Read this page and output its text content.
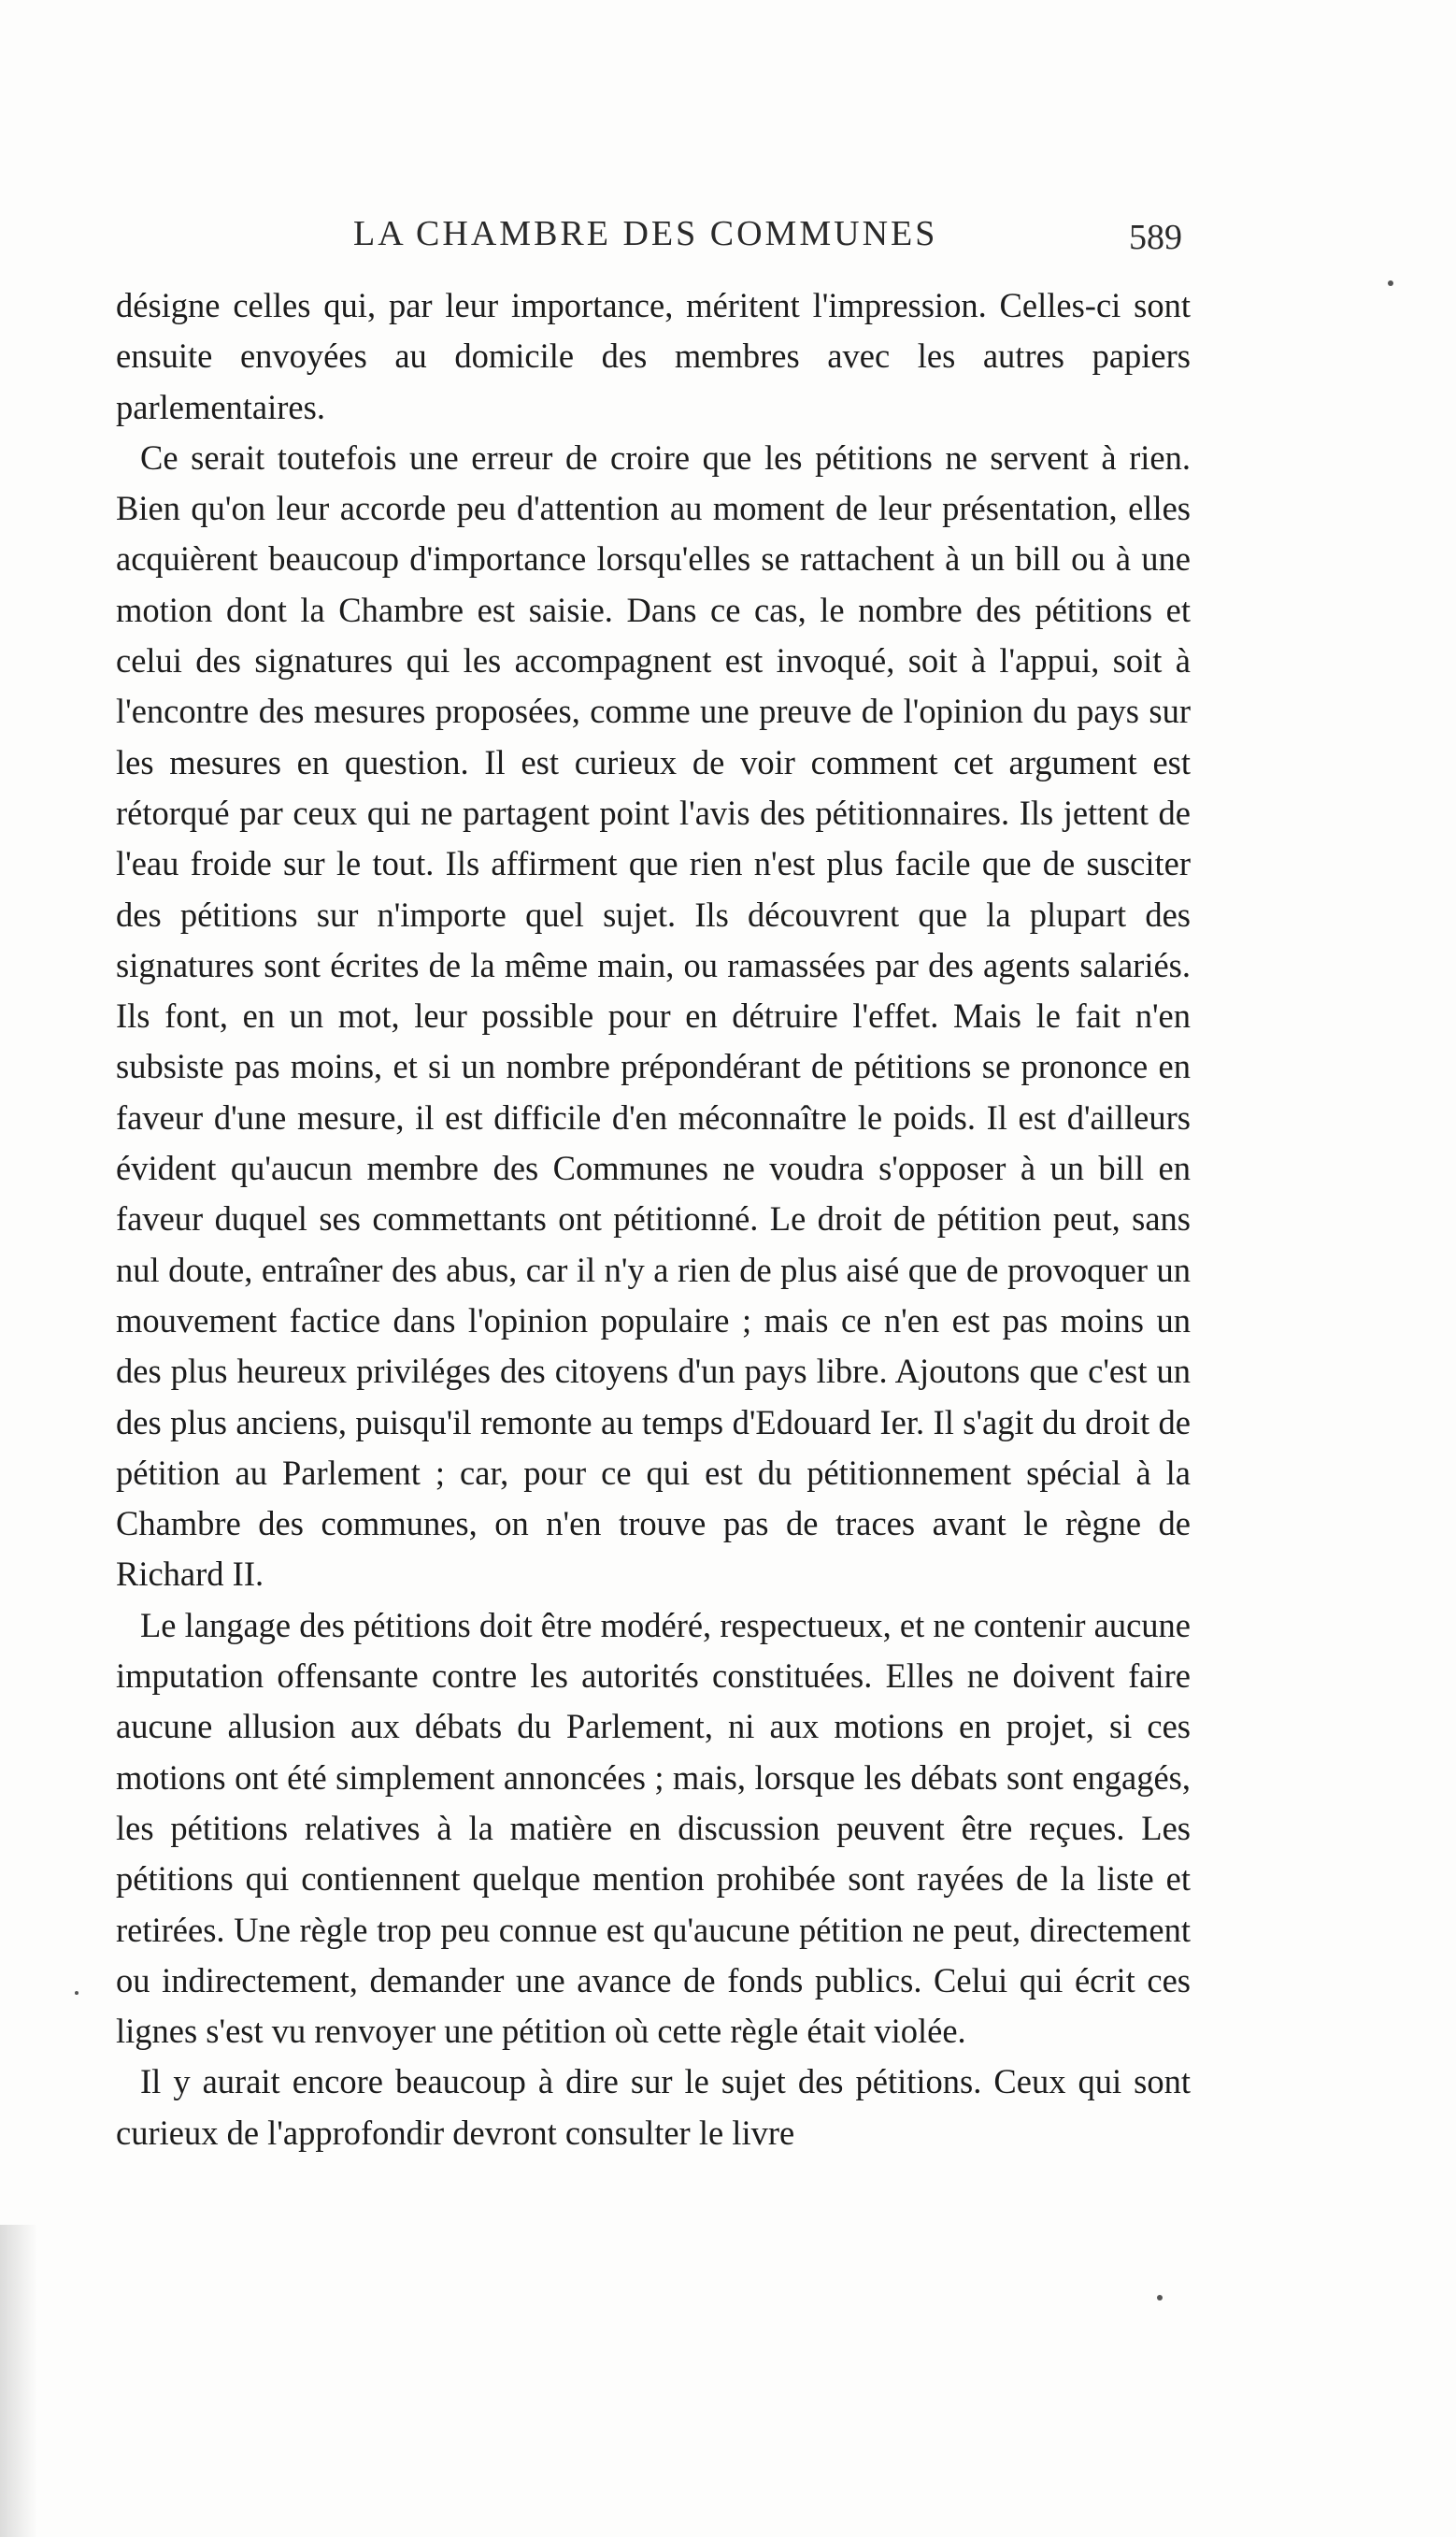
LA CHAMBRE DES COMMUNES	589

désigne celles qui, par leur importance, méritent l'impression. Celles-ci sont ensuite envoyées au domicile des membres avec les autres papiers parlementaires.

Ce serait toutefois une erreur de croire que les pétitions ne servent à rien. Bien qu'on leur accorde peu d'attention au moment de leur présentation, elles acquièrent beaucoup d'importance lorsqu'elles se rattachent à un bill ou à une motion dont la Chambre est saisie. Dans ce cas, le nombre des pétitions et celui des signatures qui les accompagnent est invoqué, soit à l'appui, soit à l'encontre des mesures proposées, comme une preuve de l'opinion du pays sur les mesures en question. Il est curieux de voir comment cet argument est rétorqué par ceux qui ne partagent point l'avis des pétitionnaires. Ils jettent de l'eau froide sur le tout. Ils affirment que rien n'est plus facile que de susciter des pétitions sur n'importe quel sujet. Ils découvrent que la plupart des signatures sont écrites de la même main, ou ramassées par des agents salariés. Ils font, en un mot, leur possible pour en détruire l'effet. Mais le fait n'en subsiste pas moins, et si un nombre prépondérant de pétitions se prononce en faveur d'une mesure, il est difficile d'en méconnaître le poids. Il est d'ailleurs évident qu'aucun membre des Communes ne voudra s'opposer à un bill en faveur duquel ses commettants ont pétitionné. Le droit de pétition peut, sans nul doute, entraîner des abus, car il n'y a rien de plus aisé que de provoquer un mouvement factice dans l'opinion populaire ; mais ce n'en est pas moins un des plus heureux priviléges des citoyens d'un pays libre. Ajoutons que c'est un des plus anciens, puisqu'il remonte au temps d'Edouard Ier. Il s'agit du droit de pétition au Parlement ; car, pour ce qui est du pétitionnement spécial à la Chambre des communes, on n'en trouve pas de traces avant le règne de Richard II.

Le langage des pétitions doit être modéré, respectueux, et ne contenir aucune imputation offensante contre les autorités constituées. Elles ne doivent faire aucune allusion aux débats du Parlement, ni aux motions en projet, si ces motions ont été simplement annoncées ; mais, lorsque les débats sont engagés, les pétitions relatives à la matière en discussion peuvent être reçues. Les pétitions qui contiennent quelque mention prohibée sont rayées de la liste et retirées. Une règle trop peu connue est qu'aucune pétition ne peut, directement ou indirectement, demander une avance de fonds publics. Celui qui écrit ces lignes s'est vu renvoyer une pétition où cette règle était violée.

Il y aurait encore beaucoup à dire sur le sujet des pétitions. Ceux qui sont curieux de l'approfondir devront consulter le livre
